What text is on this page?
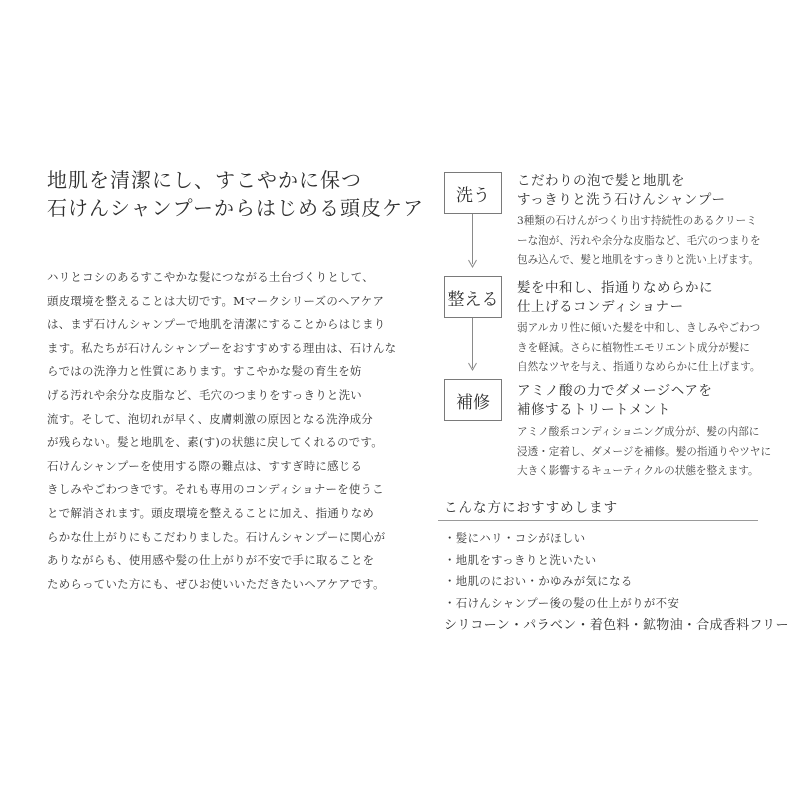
地肌を清潔にし、すこやかに保つ
石けんシャンプーからはじめる頭皮ケア
ハリとコシのあるすこやかな髪につながる土台づくりとして、
頭皮環境を整えることは大切です。Mマークシリーズのヘアケア
は、まず石けんシャンプーで地肌を清潔にすることからはじまり
ます。私たちが石けんシャンプーをおすすめする理由は、石けんな
らではの洗浄力と性質にあります。すこやかな髪の育生を妨
げる汚れや余分な皮脂など、毛穴のつまりをすっきりと洗い
流す。そして、泡切れが早く、皮膚刺激の原因となる洗浄成分
が残らない。髪と地肌を、素(す)の状態に戻してくれるのです。
石けんシャンプーを使用する際の難点は、すすぎ時に感じる
きしみやごわつきです。それも専用のコンディショナーを使うこ
とで解消されます。頭皮環境を整えることに加え、指通りなめ
らかな仕上がりにもこだわりました。石けんシャンプーに関心が
ありながらも、使用感や髪の仕上がりが不安で手に取ることを
ためらっていた方にも、ぜひお使いいただきたいヘアケアです。
洗う
こだわりの泡で髪と地肌を
すっきりと洗う石けんシャンプー
3種類の石けんがつくり出す持続性のあるクリーミ
ーな泡が、汚れや余分な皮脂など、毛穴のつまりを
包み込んで、髪と地肌をすっきりと洗い上げます。
整える
髪を中和し、指通りなめらかに
仕上げるコンディショナー
弱アルカリ性に傾いた髪を中和し、きしみやごわつ
きを軽減。さらに植物性エモリエント成分が髪に
自然なツヤを与え、指通りなめらかに仕上げます。
補修
アミノ酸の力でダメージヘアを
補修するトリートメント
アミノ酸系コンディショニング成分が、髪の内部に
浸透・定着し、ダメージを補修。髪の指通りやツヤに
大きく影響するキューティクルの状態を整えます。
こんな方におすすめします
・髪にハリ・コシがほしい
・地肌をすっきりと洗いたい
・地肌のにおい・かゆみが気になる
・石けんシャンプー後の髪の仕上がりが不安
シリコーン・パラベン・着色料・鉱物油・合成香料フリー
